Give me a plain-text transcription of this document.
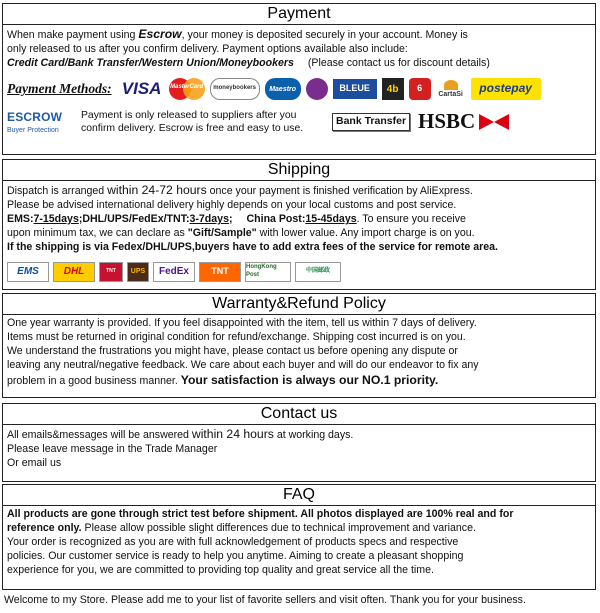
Payment
When make payment using Escrow, your money is deposited securely in your account. Money is
only released to us after you confirm delivery. Payment options available also include:
Credit Card/Bank Transfer/Western Union/Moneybookers (Please contact us for discount details)
Payment Methods: VISA	MasterCard	moneybookers	Maestro	BLEUE	4b	6
CartaSi	postepay
ESCROW
Buyer Protection
Payment is only released to suppliers after you
confirm delivery. Escrow is free and easy to use.
Bank Transfer HSBC
Shipping
Dispatch is arranged within 24-72 hours once your payment is finished verification by AliExpress.
Please be advised international delivery highly depends on your local customs and post service.
EMS:7-15days;DHL/UPS/FedEx/TNT:3-7days; China Post:15-45days. To ensure you receive
upon minimum tax, we can declare as "Gift/Sample" with lower value. Any import charge is on you.
If the shipping is via Fedex/DHL/UPS,buyers have to add extra fees of the service for remote area.
EMS	DHL	TNT	UPS	FedEx	TNT	HongKong Post
中国邮政
Warranty&Refund Policy
One year warranty is provided. If you feel disappointed with the item, tell us within 7 days of delivery.
Items must be returned in original condition for refund/exchange. Shipping cost incurred is on you.
We understand the frustrations you might have, please contact us before opening any dispute or
leaving any neutral/negative feedback. We care about each buyer and will do our endeavor to fix any
problem in a good business manner. Your satisfaction is always our NO.1 priority.
Contact us
All emails&messages will be answered within 24 hours at working days.
Please leave message in the Trade Manager
Or email us
FAQ
All products are gone through strict test before shipment. All photos displayed are 100% real and for
reference only. Please allow possible slight differences due to technical improvement and variance.
Your order is recognized as you are with full acknowledgement of products specs and respective
policies. Our customer service is ready to help you anytime. Aiming to create a pleasant shopping
experience for you, we are committed to providing top quality and great service all the time.
Welcome to my Store. Please add me to your list of favorite sellers and visit often. Thank you for your business.
